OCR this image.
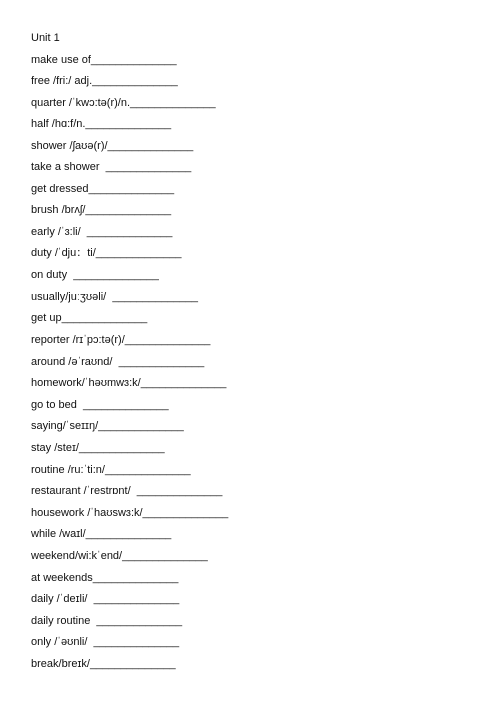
Unit 1
make use of______________
free /fri:/ adj.______________
quarter /ˈkwɔ:tə(r)/n.______________
half /hɑ:f/n.______________
shower /ʃaʊə(r)/______________
take a shower  ______________
get dressed______________
brush /brʌʃ/______________
early /ˈɜ:li/  ______________
duty /ˈdju：ti/______________
on duty  ______________
usually/juːʒʊəli/  ______________
get up______________
reporter /rɪˈpɔ:tə(r)/______________
around /əˈraʊnd/  ______________
homework/ˈhəʊmwɜ:k/______________
go to bed  ______________
saying/ˈseɪɪŋ/______________
stay /steɪ/______________
routine /ru:ˈti:n/______________
restaurant /ˈrestrɒnt/  ______________
housework /ˈhaʊswɜ:k/______________
while /waɪl/______________
weekend/wi:kˈend/______________
at weekends______________
daily /ˈdeɪli/  ______________
daily routine  ______________
only /ˈəʊnli/  ______________
break/breɪk/______________
